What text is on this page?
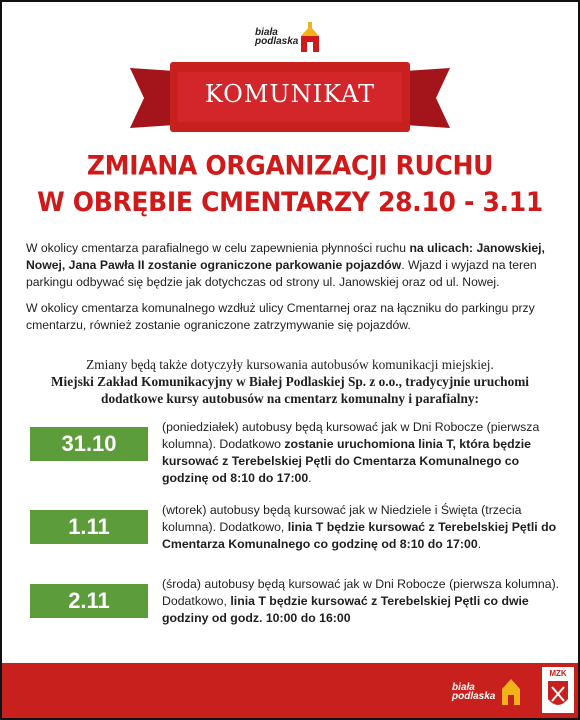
biała
podlaska
KOMUNIKAT
ZMIANA ORGANIZACJI RUCHU
W OBRĘBIE CMENTARZY 28.10 - 3.11
W okolicy cmentarza parafialnego w celu zapewnienia płynności ruchu na ulicach: Janowskiej, Nowej, Jana Pawła II zostanie ograniczone parkowanie pojazdów. Wjazd i wyjazd na teren parkingu odbywać się będzie jak dotychczas od strony ul. Janowskiej oraz od ul. Nowej.
W okolicy cmentarza komunalnego wzdłuż ulicy Cmentarnej oraz na łączniku do parkingu przy cmentarzu, również zostanie ograniczone zatrzymywanie się pojazdów.
Zmiany będą także dotyczyły kursowania autobusów komunikacji miejskiej.
Miejski Zakład Komunikacyjny w Białej Podlaskiej Sp. z o.o., tradycyjnie uruchomi
dodatkowe kursy autobusów na cmentarz komunalny i parafialny:
31.10
(poniedziałek) autobusy będą kursować jak w Dni Robocze (pierwsza kolumna). Dodatkowo zostanie uruchomiona linia T, która będzie kursować z Terebelskiej Pętli do Cmentarza Komunalnego co godzinę od 8:10 do 17:00.
1.11
(wtorek) autobusy będą kursować jak w Niedziele i Święta (trzecia kolumna). Dodatkowo, linia T będzie kursować z Terebelskiej Pętli do Cmentarza Komunalnego co godzinę od 8:10 do 17:00.
2.11
(środa) autobusy będą kursować jak w Dni Robocze (pierwsza kolumna). Dodatkowo, linia T będzie kursować z Terebelskiej Pętli co dwie godziny od godz. 10:00 do 16:00
biała
podlaska
MZK
